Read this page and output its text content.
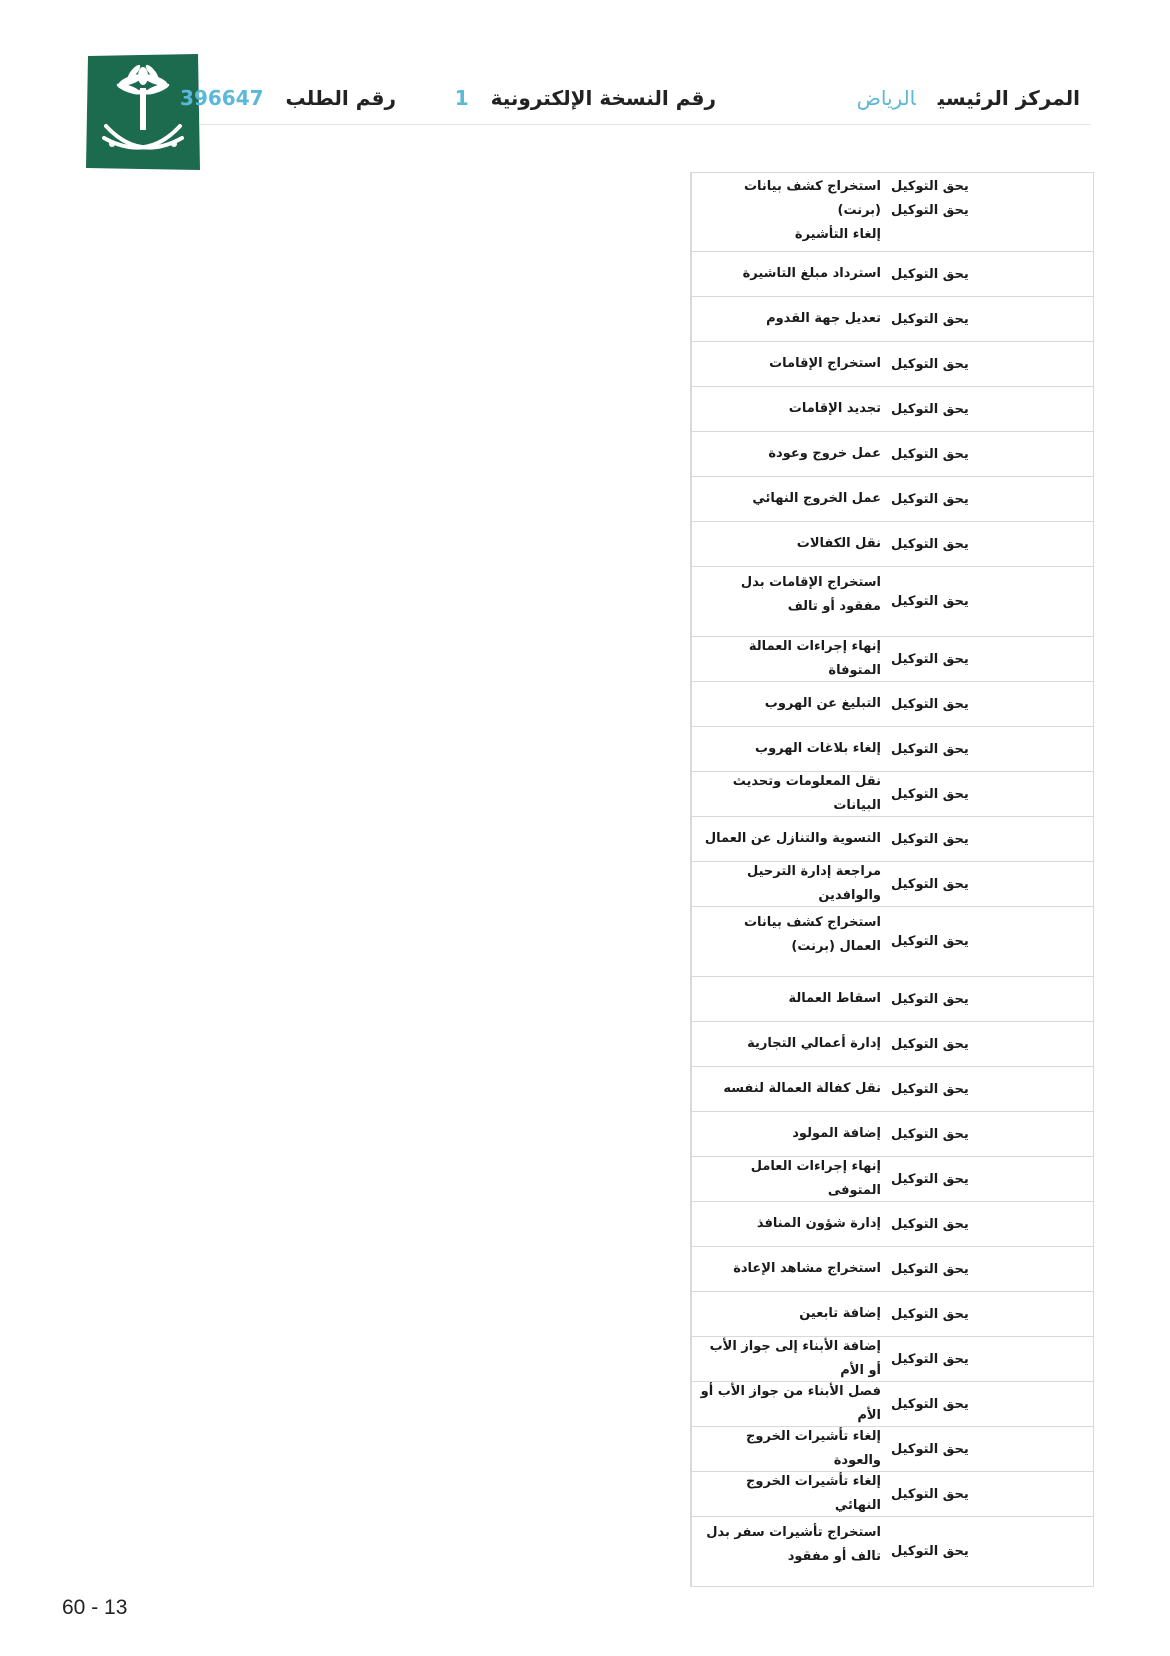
المركز الرئيسيالرياض
رقم النسخة الإلكترونية1
رقم الطلب396647
استخراج كشف بيانات (برنت)
إلغاء التأشيرة
يحق التوكيل
يحق التوكيل
استرداد مبلغ التاشيرة يحق التوكيل
تعديل جهة القدوم يحق التوكيل
استخراج الإقامات يحق التوكيل
تجديد الإقامات يحق التوكيل
عمل خروج وعودة يحق التوكيل
عمل الخروج النهائي يحق التوكيل
نقل الكفالات يحق التوكيل
استخراج الإقامات بدل مفقود أو تالف يحق التوكيل
إنهاء إجراءات العمالة المتوفاة
يحق التوكيل
التبليغ عن الهروب يحق التوكيل
إلغاء بلاغات الهروب يحق التوكيل
نقل المعلومات وتحديث البيانات
يحق التوكيل
التسوية والتنازل عن العمال يحق التوكيل
مراجعة إدارة الترحيل والوافدين
يحق التوكيل
استخراج كشف بيانات العمال (برنت) يحق التوكيل
اسقاط العمالة يحق التوكيل
إدارة أعمالي التجارية يحق التوكيل
نقل كفالة العمالة لنفسه يحق التوكيل
إضافة المولود يحق التوكيل
إنهاء إجراءات العامل المتوفى
يحق التوكيل
إدارة شؤون المنافذ يحق التوكيل
استخراج مشاهد الإعادة يحق التوكيل
إضافة تابعين يحق التوكيل
إضافة الأبناء إلى جواز الأب أو الأم
يحق التوكيل
فصل الأبناء من جواز الأب أو الأم
يحق التوكيل
إلغاء تأشيرات الخروج والعودة
يحق التوكيل
إلغاء تأشيرات الخروج النهائي
يحق التوكيل
استخراج تأشيرات سفر بدل تالف أو مفقود يحق التوكيل
60 - 13
